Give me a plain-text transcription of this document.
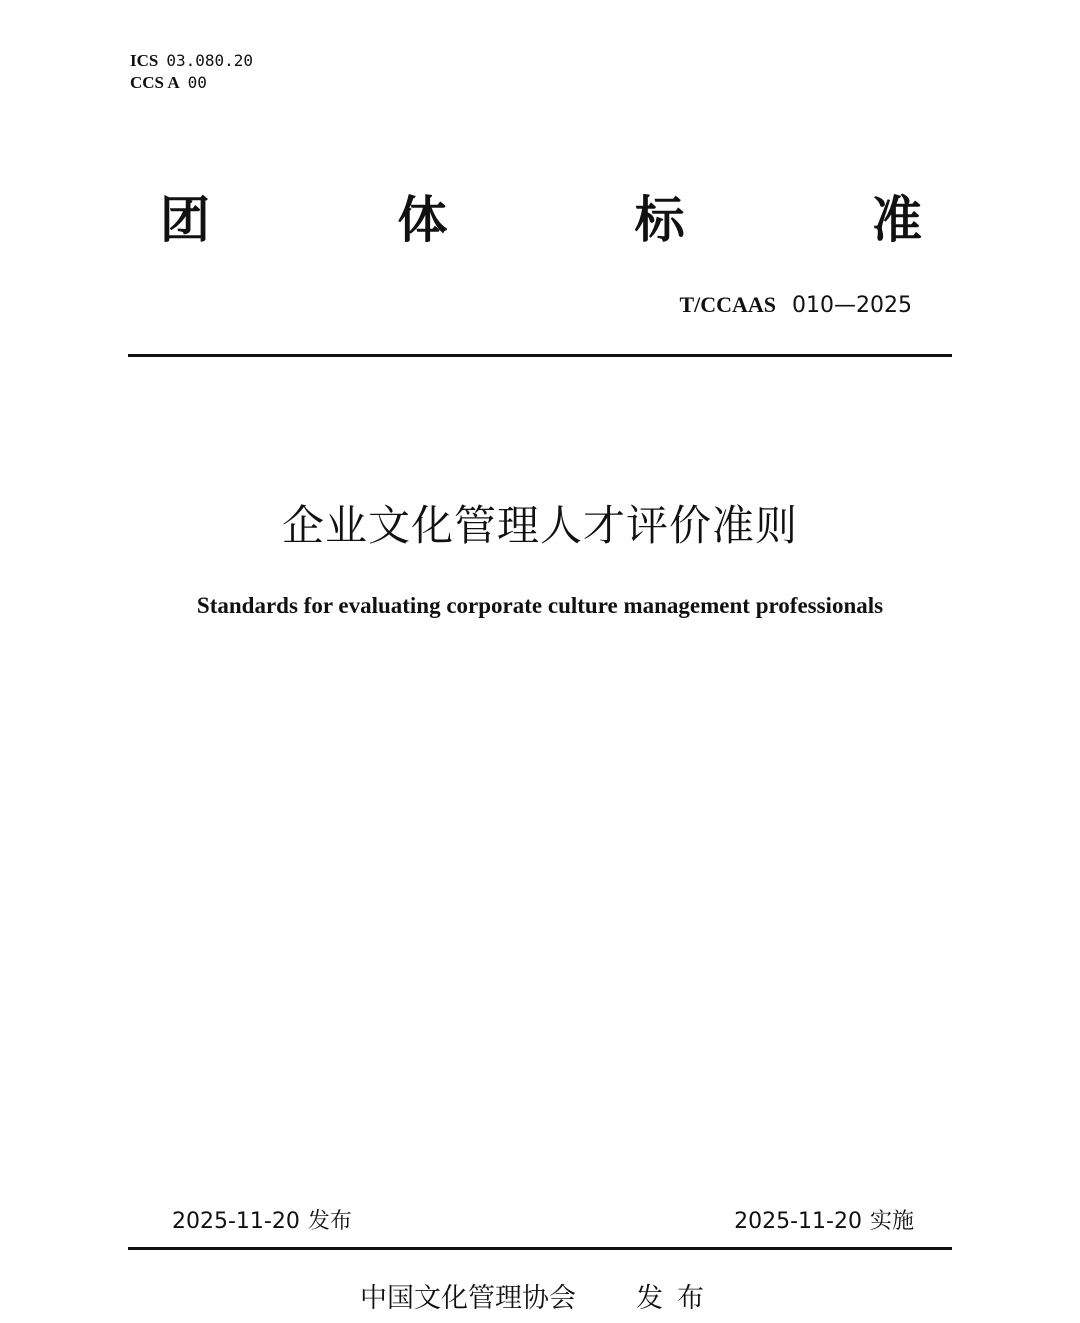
ICS 03.080.20
CCS A 00
团	体	标	准
T/CCAAS 010—2025
企业文化管理人才评价准则
Standards for evaluating corporate culture management professionals
2025-11-20 发布	2025-11-20 实施
中国文化管理协会 发布
